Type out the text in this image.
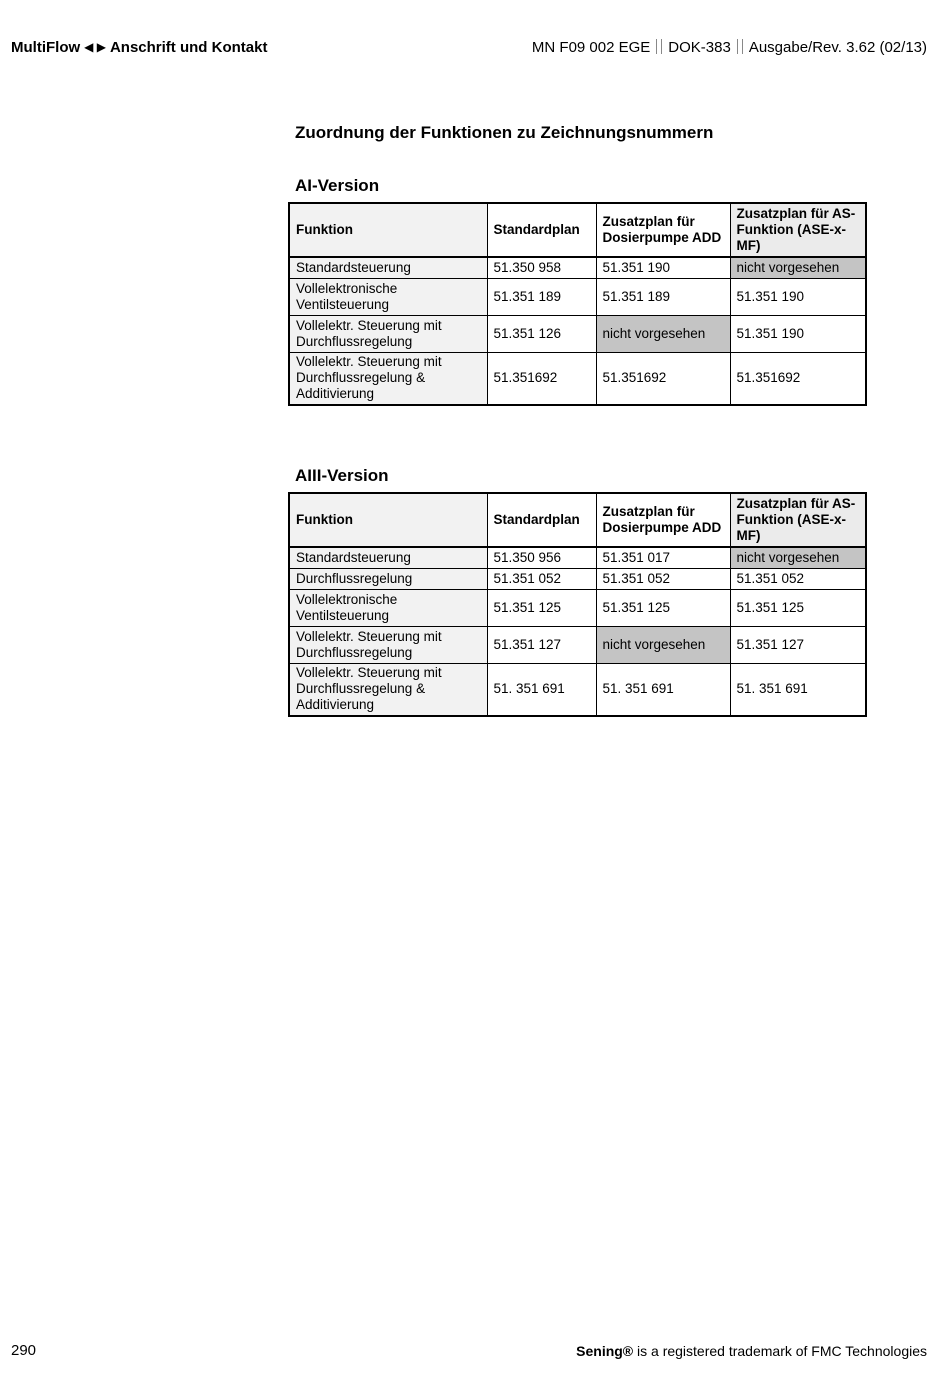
MultiFlow ◀ ▶ Anschrift und Kontakt	MN F09 002 EGE DOK-383 Ausgabe/Rev. 3.62 (02/13)
Zuordnung der Funktionen zu Zeichnungsnummern
AI-Version
Funktion	Standardplan	Zusatzplan für Dosierpumpe ADD	Zusatzplan für AS-Funktion (ASE-x-MF)
Standardsteuerung	51.350 958	51.351 190	nicht vorgesehen
Vollelektronische Ventilsteuerung	51.351 189	51.351 189	51.351 190
Vollelektr. Steuerung mit Durchflussregelung	51.351 126	nicht vorgesehen	51.351 190
Vollelektr. Steuerung mit Durchflussregelung & Additivierung	51.351692	51.351692	51.351692
AIII-Version
Funktion	Standardplan	Zusatzplan für Dosierpumpe ADD	Zusatzplan für AS-Funktion (ASE-x-MF)
Standardsteuerung	51.350 956	51.351 017	nicht vorgesehen
Durchflussregelung	51.351 052	51.351 052	51.351 052
Vollelektronische Ventilsteuerung	51.351 125	51.351 125	51.351 125
Vollelektr. Steuerung mit Durchflussregelung	51.351 127	nicht vorgesehen	51.351 127
Vollelektr. Steuerung mit Durchflussregelung & Additivierung	51. 351 691	51. 351 691	51. 351 691
290	Sening® is a registered trademark of FMC Technologies
